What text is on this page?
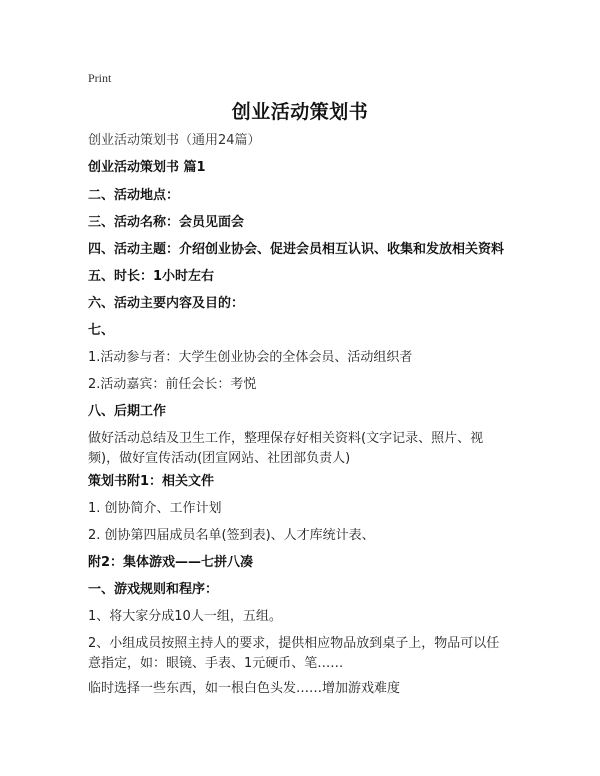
Print
创业活动策划书
创业活动策划书（通用24篇）
创业活动策划书 篇1
二、活动地点：
三、活动名称：会员见面会
四、活动主题：介绍创业协会、促进会员相互认识、收集和发放相关资料
五、时长：1小时左右
六、活动主要内容及目的：
七、
1.活动参与者：大学生创业协会的全体会员、活动组织者
2.活动嘉宾：前任会长：考悦
八、后期工作
做好活动总结及卫生工作，整理保存好相关资料(文字记录、照片、视频)，做好宣传活动(团宣网站、社团部负责人)
策划书附1：相关文件
1. 创协简介、工作计划
2. 创协第四届成员名单(签到表)、人才库统计表、
附2：集体游戏——七拼八凑
一、游戏规则和程序：
1、将大家分成10人一组，五组。
2、小组成员按照主持人的要求，提供相应物品放到桌子上，物品可以任意指定，如：眼镜、手表、1元硬币、笔……
临时选择一些东西，如一根白色头发……增加游戏难度
